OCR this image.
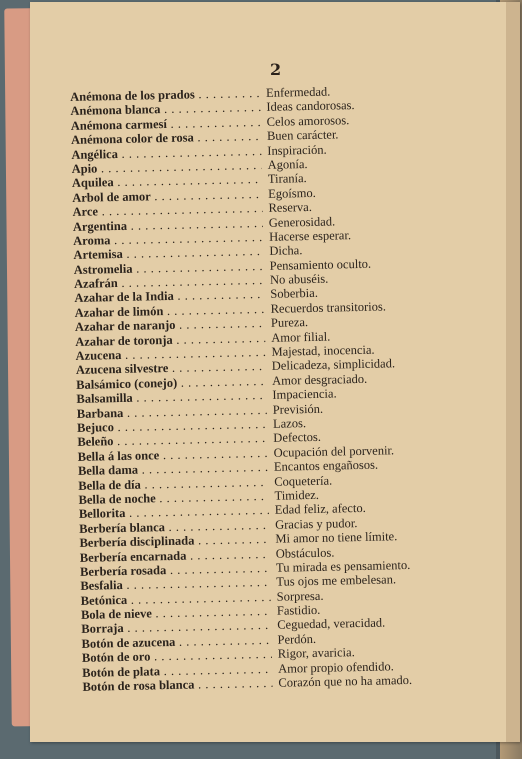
2
Anémona de los prados . . .	Enfermedad.
Anémona blanca . . .	Ideas candorosas.
Anémona carmesí . . .	Celos amorosos.
Anémona color de rosa . . .	Buen carácter.
Angélica . . .	Inspiración.
Apio . . .	Agonía.
Aquilea . . .	Tiranía.
Arbol de amor . . .	Egoísmo.
Arce . . .	Reserva.
Argentina . . .	Generosidad.
Aroma . . .	Hacerse esperar.
Artemisa . . .	Dicha.
Astromelia . . .	Pensamiento oculto.
Azafrán . . .	No abuséis.
Azahar de la India . . .	Soberbia.
Azahar de limón . . .	Recuerdos transitorios.
Azahar de naranjo . . .	Pureza.
Azahar de toronja . . .	Amor filial.
Azucena . . .	Majestad, inocencia.
Azucena silvestre . . .	Delicadeza, simplicidad.
Balsámico (conejo) . . .	Amor desgraciado.
Balsamilla . . .	Impaciencia.
Barbana . . .	Previsión.
Bejuco . . .	Lazos.
Beleño . . .	Defectos.
Bella á las once . . .	Ocupación del porvenir.
Bella dama . . .	Encantos engañosos.
Bella de día . . .	Coquetería.
Bella de noche . . .	Timidez.
Bellorita . . .	Edad feliz, afecto.
Berbería blanca . . .	Gracias y pudor.
Berbería disciplinada . . .	Mi amor no tiene límite.
Berbería encarnada . . .	Obstáculos.
Berbería rosada . . .	Tu mirada es pensamiento.
Besfalia . . .	Tus ojos me embelesan.
Betónica . . .	Sorpresa.
Bola de nieve . . .	Fastidio.
Borraja . . .	Ceguedad, veracidad.
Botón de azucena . . .	Perdón.
Botón de oro . . .	Rigor, avaricia.
Botón de plata . . .	Amor propio ofendido.
Botón de rosa blanca . . .	Corazón que no ha amado.
